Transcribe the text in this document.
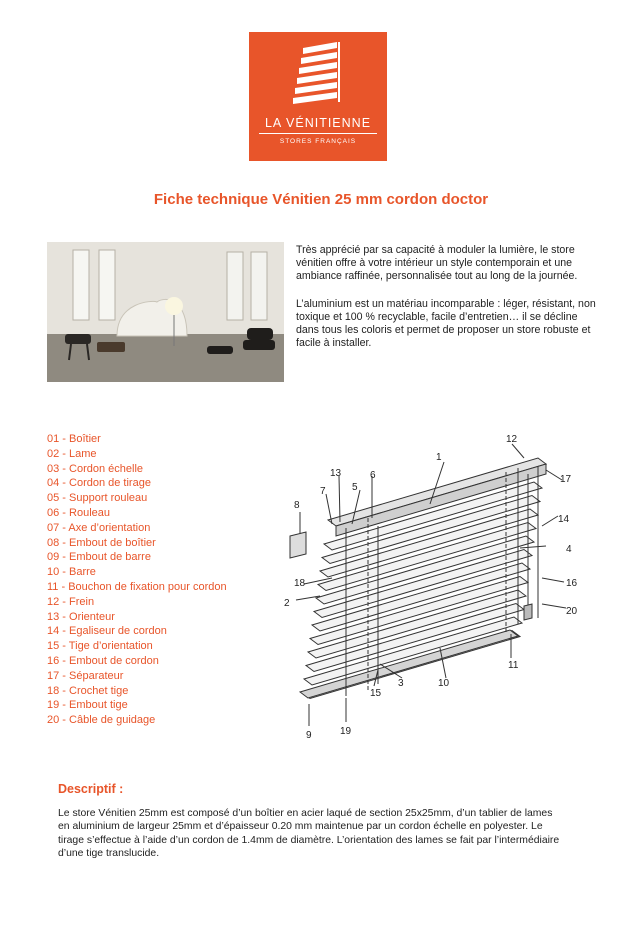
LA VÉNITIENNE
STORES FRANÇAIS
Fiche technique Vénitien 25 mm cordon doctor

Très apprécié par sa capacité à moduler la lumière, le store vénitien offre à votre intérieur un style contemporain et une ambiance raffinée, personnalisée tout au long de la journée.

L’aluminium est un matériau incomparable : léger, résistant, non toxique et 100 % recyclable, facile d’entretien… il se décline dans tous les coloris et permet de proposer un store robuste et facile à installer.

01 - Boîtier
02 - Lame
03 - Cordon échelle
04 - Cordon de tirage
05 - Support rouleau
06 - Rouleau
07 - Axe d’orientation
08 - Embout de boîtier
09 - Embout de barre
10 - Barre
11 - Bouchon de fixation pour cordon
12 - Frein
13 - Orienteur
14 - Egaliseur de cordon
15 - Tige d’orientation
16 - Embout de cordon
17 - Séparateur
18 - Crochet tige
19 - Embout tige
20 - Câble de guidage
1
2
3
4
5
6
7
8
9
10
11
12
13
14
15
16
17
18
19
20
Descriptif :
Le store Vénitien 25mm est composé d’un boîtier en acier laqué de section 25x25mm, d’un tablier de lames en aluminium de largeur 25mm et d’épaisseur 0.20 mm maintenue par un cordon échelle en polyester. Le tirage s’effectue à l’aide d’un cordon de 1.4mm de diamètre. L’orientation des lames se fait par l’intermédiaire d’une tige translucide.
